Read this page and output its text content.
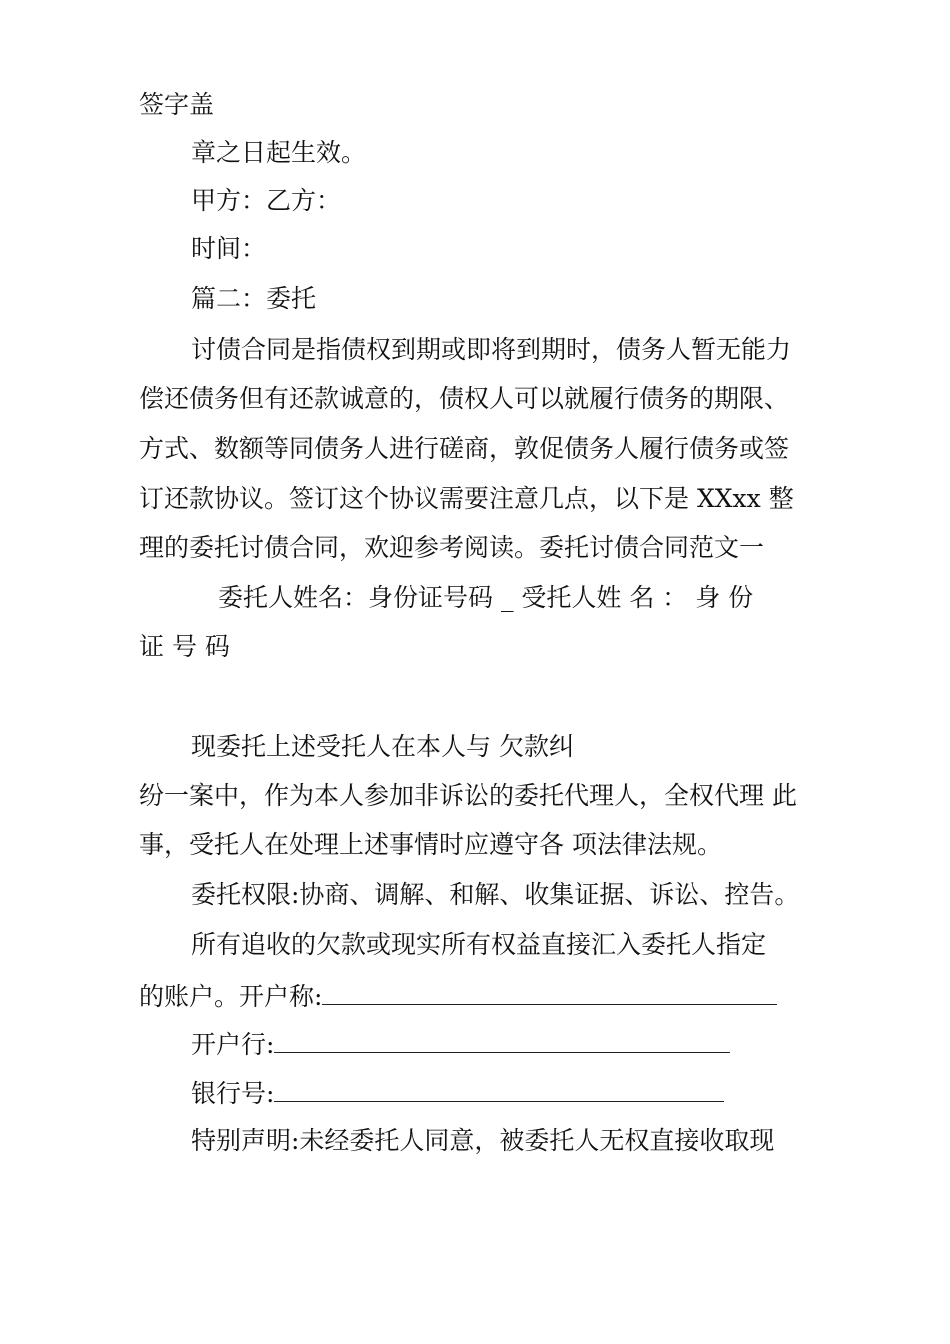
签字盖

章之日起生效。

甲方：乙方：

时间：

篇二：委托

讨债合同是指债权到期或即将到期时，债务人暂无能力

偿还债务但有还款诚意的，债权人可以就履行债务的期限、

方式、数额等同债务人进行磋商，敦促债务人履行债务或签

订还款协议。签订这个协议需要注意几点，以下是 XXxx 整

理的委托讨债合同，欢迎参考阅读。委托讨债合同范文一

委托人姓名：身份证号码 _ 受托人姓 名 ： 身 份

证 号 码

现委托上述受托人在本人与 欠款纠

纷一案中，作为本人参加非诉讼的委托代理人，全权代理 此

事，受托人在处理上述事情时应遵守各 项法律法规。

委托权限:协商、调解、和解、收集证据、诉讼、控告。

所有追收的欠款或现实所有权益直接汇入委托人指定

的账户。开户称:

开户行:

银行号:

特别声明:未经委托人同意，被委托人无权直接收取现
